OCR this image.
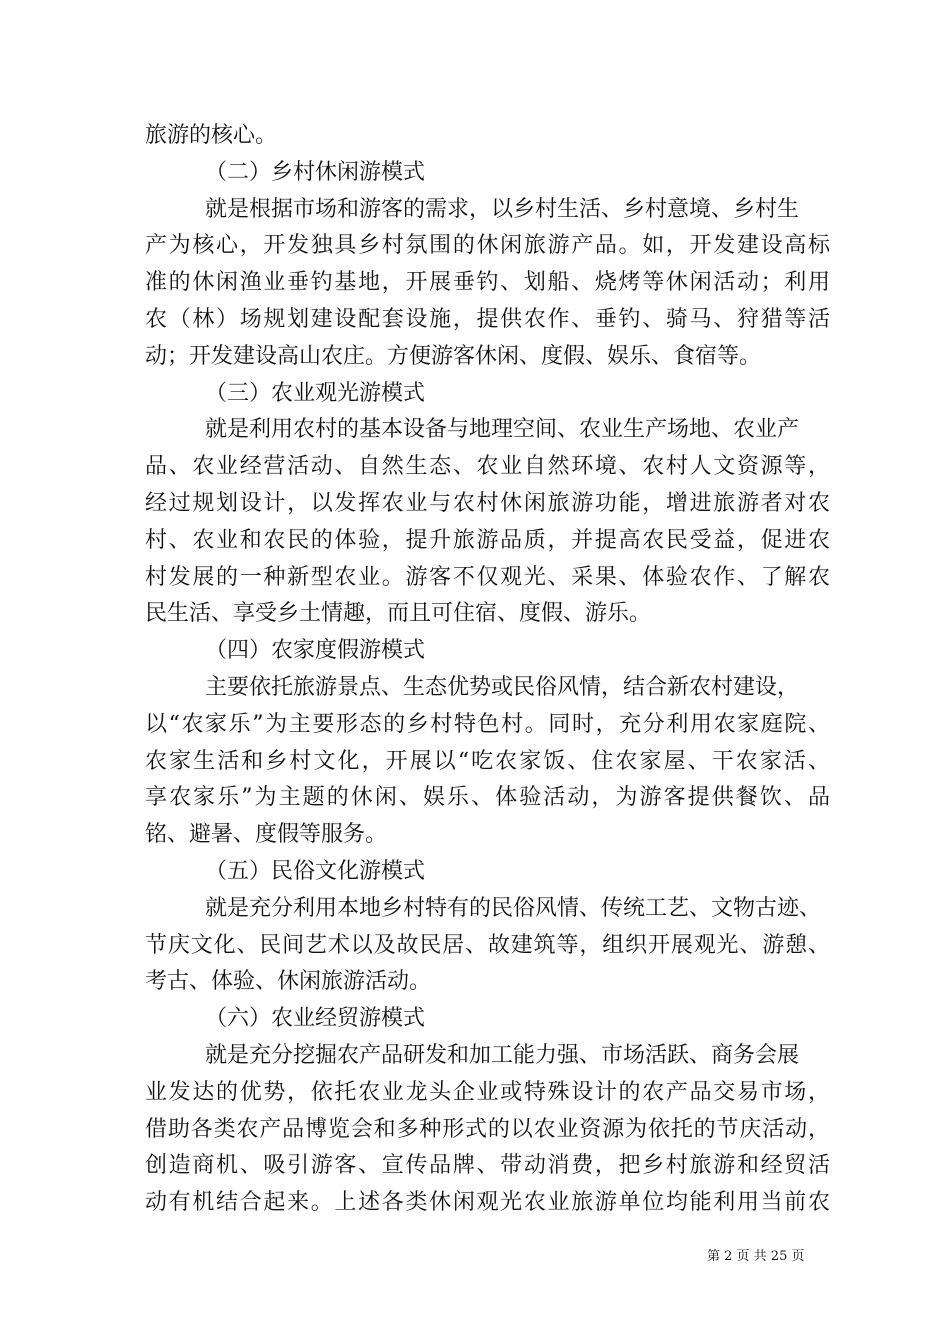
旅游的核心。
（二）乡村休闲游模式
就是根据市场和游客的需求，以乡村生活、乡村意境、乡村生
产为核心，开发独具乡村氛围的休闲旅游产品。如，开发建设高标
准的休闲渔业垂钓基地，开展垂钓、划船、烧烤等休闲活动；利用
农（林）场规划建设配套设施，提供农作、垂钓、骑马、狩猎等活
动；开发建设高山农庄。方便游客休闲、度假、娱乐、食宿等。
（三）农业观光游模式
就是利用农村的基本设备与地理空间、农业生产场地、农业产
品、农业经营活动、自然生态、农业自然环境、农村人文资源等，
经过规划设计，以发挥农业与农村休闲旅游功能，增进旅游者对农
村、农业和农民的体验，提升旅游品质，并提高农民受益，促进农
村发展的一种新型农业。游客不仅观光、采果、体验农作、了解农
民生活、享受乡土情趣，而且可住宿、度假、游乐。
（四）农家度假游模式
主要依托旅游景点、生态优势或民俗风情，结合新农村建设，
以“农家乐”为主要形态的乡村特色村。同时，充分利用农家庭院、
农家生活和乡村文化，开展以“吃农家饭、住农家屋、干农家活、
享农家乐”为主题的休闲、娱乐、体验活动，为游客提供餐饮、品
铭、避暑、度假等服务。
（五）民俗文化游模式
就是充分利用本地乡村特有的民俗风情、传统工艺、文物古迹、
节庆文化、民间艺术以及故民居、故建筑等，组织开展观光、游憩、
考古、体验、休闲旅游活动。
（六）农业经贸游模式
就是充分挖掘农产品研发和加工能力强、市场活跃、商务会展
业发达的优势，依托农业龙头企业或特殊设计的农产品交易市场，
借助各类农产品博览会和多种形式的以农业资源为依托的节庆活动，
创造商机、吸引游客、宣传品牌、带动消费，把乡村旅游和经贸活
动有机结合起来。上述各类休闲观光农业旅游单位均能利用当前农
第 2 页 共 25 页
